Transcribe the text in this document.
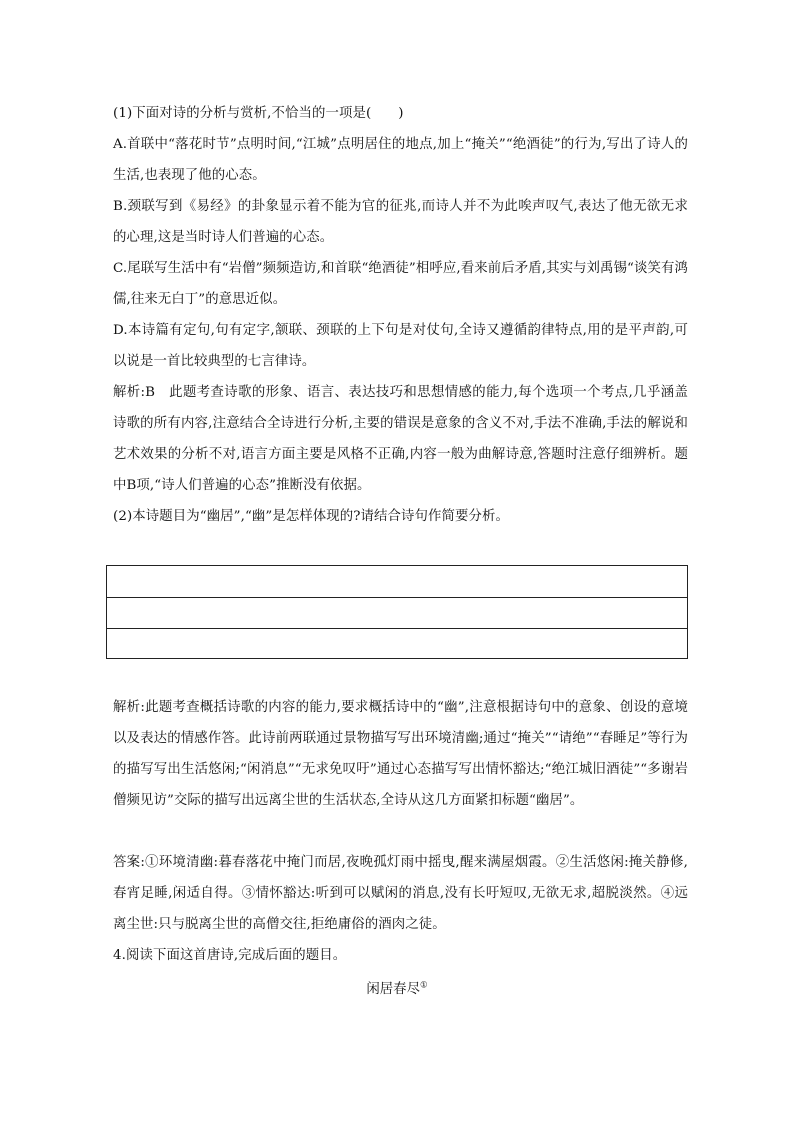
(1)下面对诗的分析与赏析,不恰当的一项是(　　)
A.首联中“落花时节”点明时间,“江城”点明居住的地点,加上“掩关”“绝酒徒”的行为,写出了诗人的生活,也表现了他的心态。
B.颈联写到《易经》的卦象显示着不能为官的征兆,而诗人并不为此唉声叹气,表达了他无欲无求的心理,这是当时诗人们普遍的心态。
C.尾联写生活中有“岩僧”频频造访,和首联“绝酒徒”相呼应,看来前后矛盾,其实与刘禹锡“谈笑有鸿儒,往来无白丁”的意思近似。
D.本诗篇有定句,句有定字,颔联、颈联的上下句是对仗句,全诗又遵循韵律特点,用的是平声韵,可以说是一首比较典型的七言律诗。
解析:B　此题考查诗歌的形象、语言、表达技巧和思想情感的能力,每个选项一个考点,几乎涵盖诗歌的所有内容,注意结合全诗进行分析,主要的错误是意象的含义不对,手法不准确,手法的解说和艺术效果的分析不对,语言方面主要是风格不正确,内容一般为曲解诗意,答题时注意仔细辨析。题中B项,“诗人们普遍的心态”推断没有依据。
(2)本诗题目为“幽居”,“幽”是怎样体现的?请结合诗句作简要分析。
解析:此题考查概括诗歌的内容的能力,要求概括诗中的“幽”,注意根据诗句中的意象、创设的意境以及表达的情感作答。此诗前两联通过景物描写写出环境清幽;通过“掩关”“请绝”“春睡足”等行为的描写写出生活悠闲;“闲消息”“无求免叹吁”通过心态描写写出情怀豁达;“绝江城旧酒徒”“多谢岩僧频见访”交际的描写出远离尘世的生活状态,全诗从这几方面紧扣标题“幽居”。
答案:①环境清幽:暮春落花中掩门而居,夜晚孤灯雨中摇曳,醒来满屋烟霞。②生活悠闲:掩关静修,春宵足睡,闲适自得。③情怀豁达:听到可以赋闲的消息,没有长吁短叹,无欲无求,超脱淡然。④远离尘世:只与脱离尘世的高僧交往,拒绝庸俗的酒肉之徒。
4.阅读下面这首唐诗,完成后面的题目。
闲居春尽①
